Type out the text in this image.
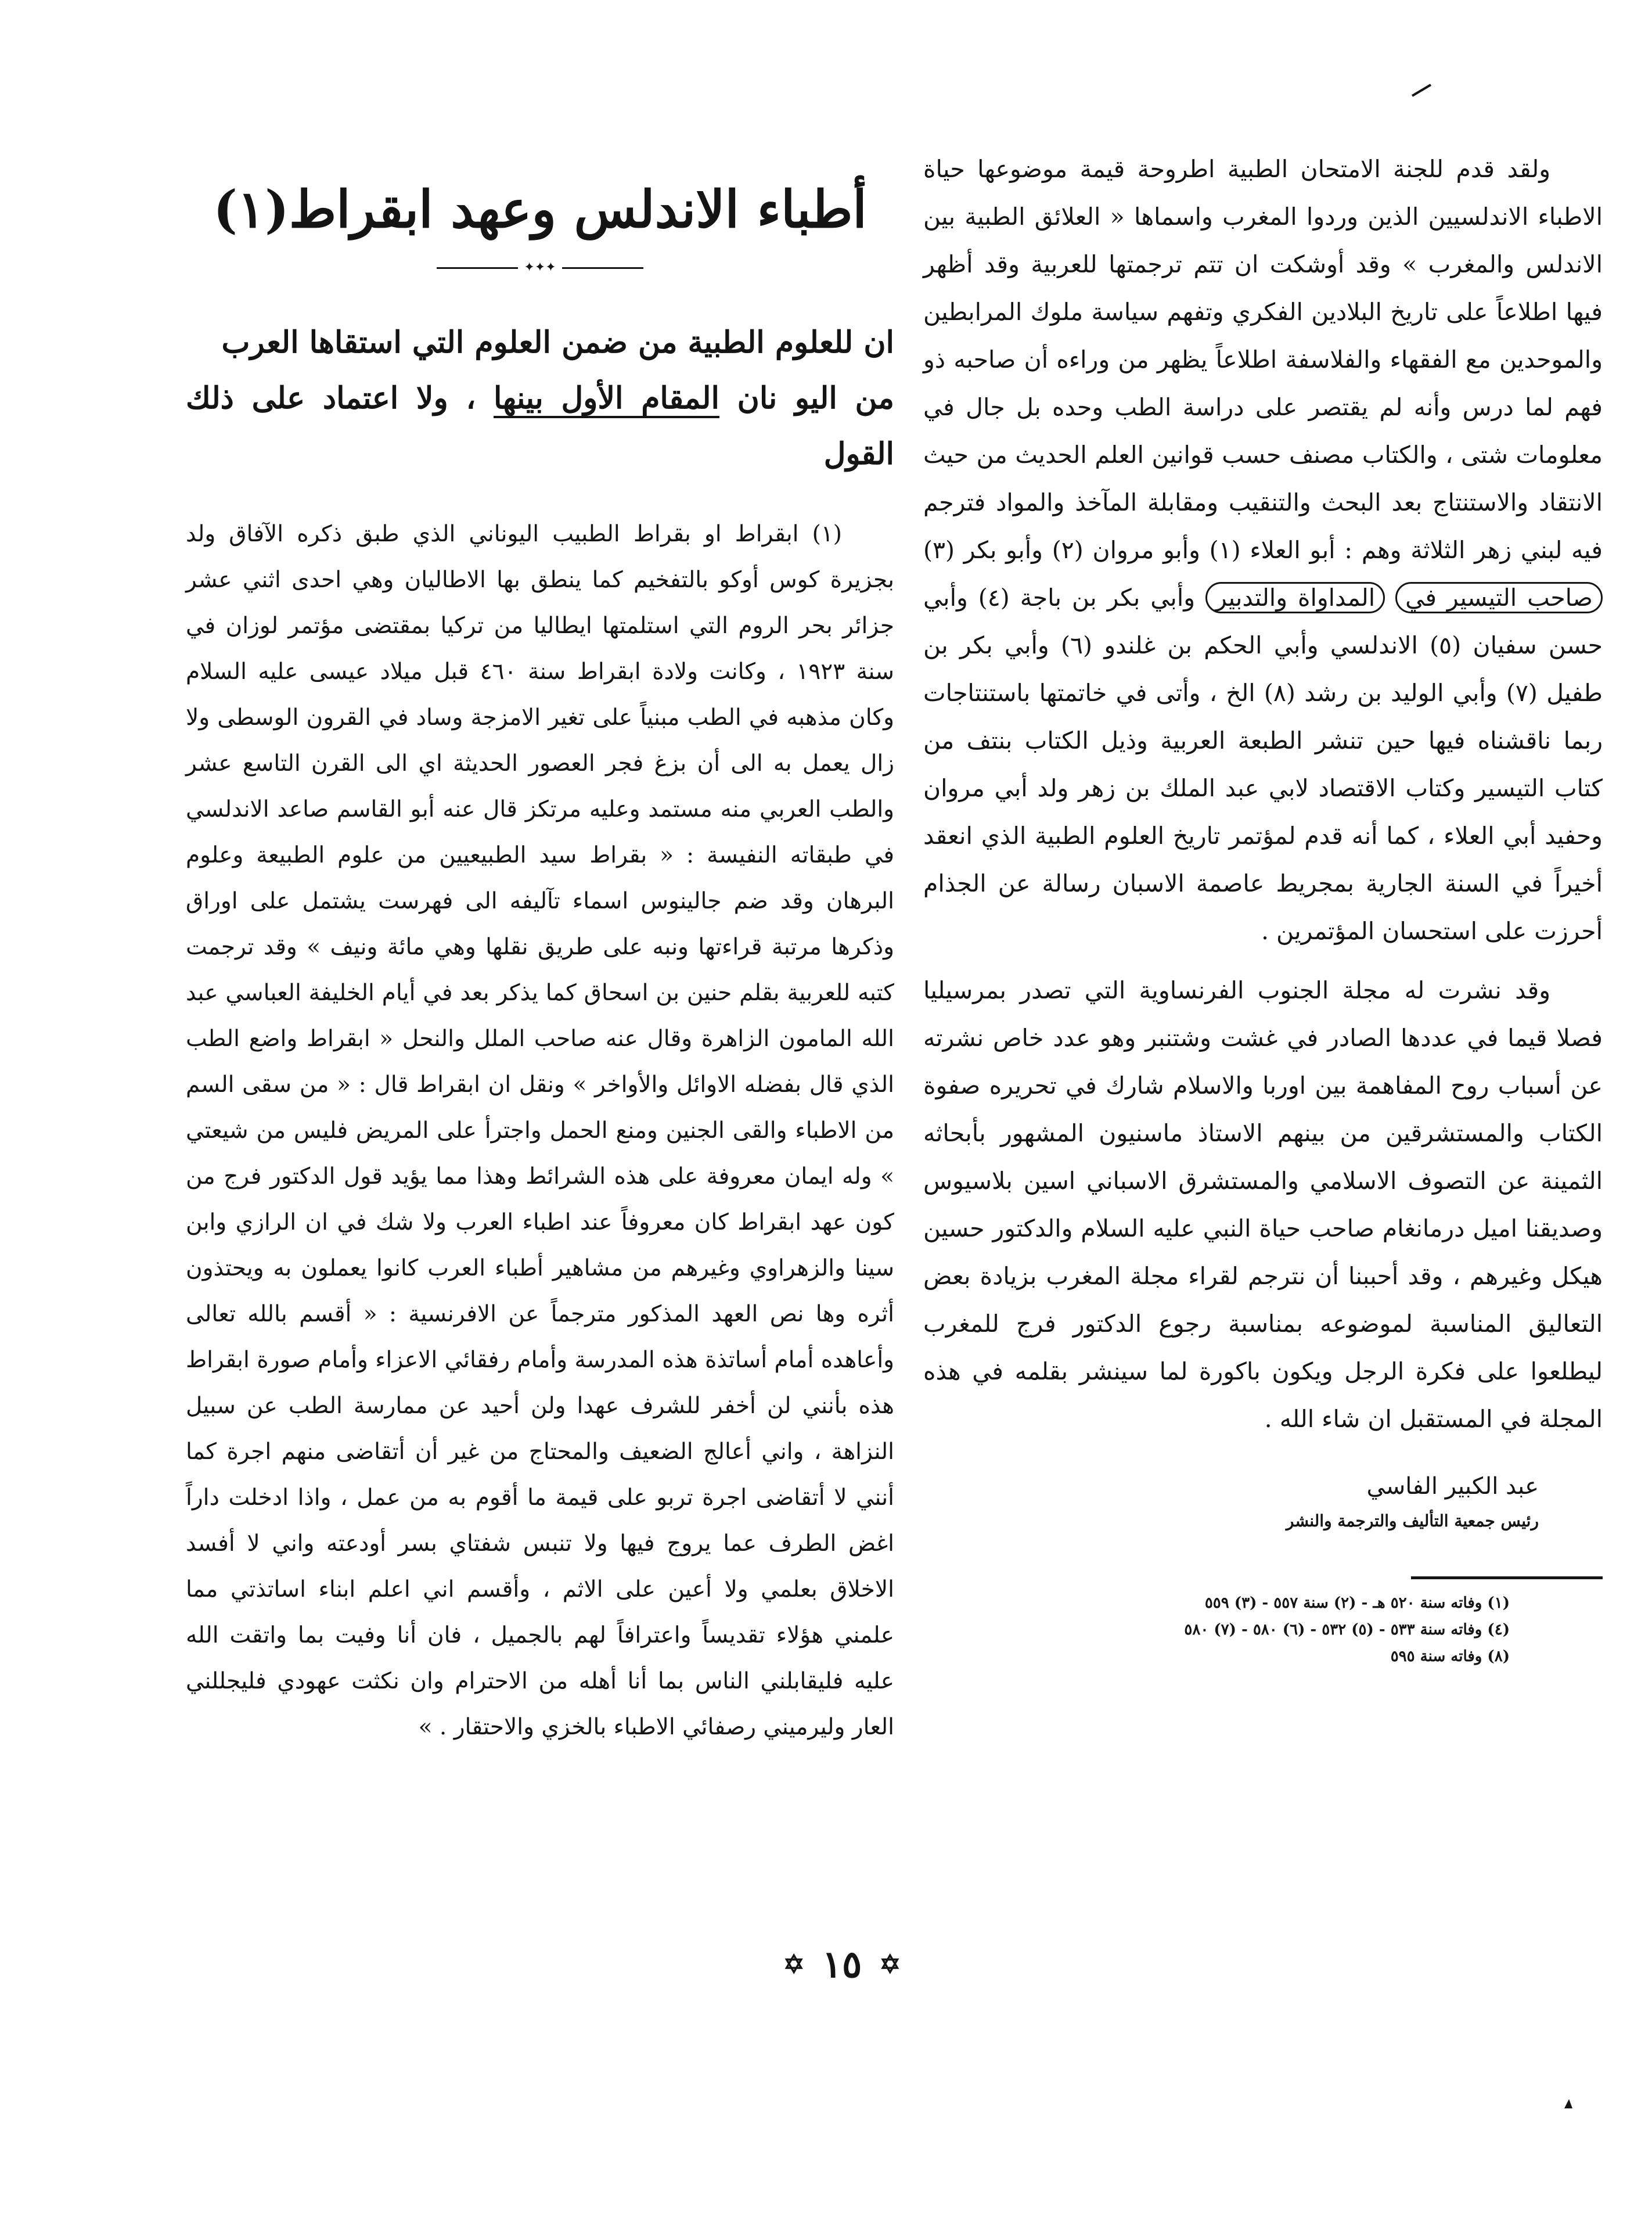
ولقد قدم للجنة الامتحان الطبية اطروحة قيمة موضوعها حياة الاطباء الاندلسيين الذين وردوا المغرب واسماها « العلائق الطبية بين الاندلس والمغرب » وقد أوشكت ان تتم ترجمتها للعربية وقد أظهر فيها اطلاعاً على تاريخ البلادين الفكري وتفهم سياسة ملوك المرابطين والموحدين مع الفقهاء والفلاسفة اطلاعاً يظهر من وراءه أن صاحبه ذو فهم لما درس وأنه لم يقتصر على دراسة الطب وحده بل جال في معلومات شتى ، والكتاب مصنف حسب قوانين العلم الحديث من حيث الانتقاد والاستنتاج بعد البحث والتنقيب ومقابلة المآخذ والمواد فترجم فيه لبني زهر الثلاثة وهم : أبو العلاء (١) وأبو مروان (٢) وأبو بكر (٣) صاحب التيسير في المداواة والتدبير وأبي بكر بن باجة (٤) وأبي حسن سفيان (٥) الاندلسي وأبي الحكم بن غلندو (٦) وأبي بكر بن طفيل (٧) وأبي الوليد بن رشد (٨) الخ ، وأتى في خاتمتها باستنتاجات ربما ناقشناه فيها حين تنشر الطبعة العربية وذيل الكتاب بنتف من كتاب التيسير وكتاب الاقتصاد لابي عبد الملك بن زهر ولد أبي مروان وحفيد أبي العلاء ، كما أنه قدم لمؤتمر تاريخ العلوم الطبية الذي انعقد أخيراً في السنة الجارية بمجريط عاصمة الاسبان رسالة عن الجذام أحرزت على استحسان المؤتمرين .

وقد نشرت له مجلة الجنوب الفرنساوية التي تصدر بمرسيليا فصلا قيما في عددها الصادر في غشت وشتنبر وهو عدد خاص نشرته عن أسباب روح المفاهمة بين اوربا والاسلام شارك في تحريره صفوة الكتاب والمستشرقين من بينهم الاستاذ ماسنيون المشهور بأبحاثه الثمينة عن التصوف الاسلامي والمستشرق الاسباني اسين بلاسيوس وصديقنا اميل درمانغام صاحب حياة النبي عليه السلام والدكتور حسين هيكل وغيرهم ، وقد أحببنا أن نترجم لقراء مجلة المغرب بزيادة بعض التعاليق المناسبة لموضوعه بمناسبة رجوع الدكتور فرج للمغرب ليطلعوا على فكرة الرجل ويكون باكورة لما سينشر بقلمه في هذه المجلة في المستقبل ان شاء الله .

عبد الكبير الفاسي
رئيس جمعية التأليف والترجمة والنشر
(١) وفاته سنة ٥٢٠ هـ - (٢) سنة ٥٥٧ - (٣) ٥٥٩
(٤) وفاته سنة ٥٣٣ - (٥) ٥٣٢ - (٦) ٥٨٠ - (٧) ٥٨٠
(٨) وفاته سنة ٥٩٥
أطباء الاندلس وعهد ابقراط(١)
✦✦✦
ان للعلوم الطبية من ضمن العلوم التي استقاها العرب
من اليو نان المقام الأول بينها ، ولا اعتماد على ذلك القول

(١) ابقراط او بقراط الطبيب اليوناني الذي طبق ذكره الآفاق ولد بجزيرة كوس أوكو بالتفخيم كما ينطق بها الاطاليان وهي احدى اثني عشر جزائر بحر الروم التي استلمتها ايطاليا من تركيا بمقتضى مؤتمر لوزان في سنة ١٩٢٣ ، وكانت ولادة ابقراط سنة ٤٦٠ قبل ميلاد عيسى عليه السلام وكان مذهبه في الطب مبنياً على تغير الامزجة وساد في القرون الوسطى ولا زال يعمل به الى أن بزغ فجر العصور الحديثة اي الى القرن التاسع عشر والطب العربي منه مستمد وعليه مرتكز قال عنه أبو القاسم صاعد الاندلسي في طبقاته النفيسة : « بقراط سيد الطبيعيين من علوم الطبيعة وعلوم البرهان وقد ضم جالينوس اسماء تآليفه الى فهرست يشتمل على اوراق وذكرها مرتبة قراءتها ونبه على طريق نقلها وهي مائة ونيف » وقد ترجمت كتبه للعربية بقلم حنين بن اسحاق كما يذكر بعد في أيام الخليفة العباسي عبد الله المامون الزاهرة وقال عنه صاحب الملل والنحل « ابقراط واضع الطب الذي قال بفضله الاوائل والأواخر » ونقل ان ابقراط قال : « من سقى السم من الاطباء والقى الجنين ومنع الحمل واجترأ على المريض فليس من شيعتي » وله ايمان معروفة على هذه الشرائط وهذا مما يؤيد قول الدكتور فرج من كون عهد ابقراط كان معروفاً عند اطباء العرب ولا شك في ان الرازي وابن سينا والزهراوي وغيرهم من مشاهير أطباء العرب كانوا يعملون به ويحتذون أثره وها نص العهد المذكور مترجماً عن الافرنسية : « أقسم بالله تعالى وأعاهده أمام أساتذة هذه المدرسة وأمام رفقائي الاعزاء وأمام صورة ابقراط هذه بأنني لن أخفر للشرف عهدا ولن أحيد عن ممارسة الطب عن سبيل النزاهة ، واني أعالج الضعيف والمحتاج من غير أن أتقاضى منهم اجرة كما أنني لا أتقاضى اجرة تربو على قيمة ما أقوم به من عمل ، واذا ادخلت داراً اغض الطرف عما يروج فيها ولا تنبس شفتاي بسر أودعته واني لا أفسد الاخلاق بعلمي ولا أعين على الاثم ، وأقسم اني اعلم ابناء اساتذتي مما علمني هؤلاء تقديساً واعترافاً لهم بالجميل ، فان أنا وفيت بما واتقت الله عليه فليقابلني الناس بما أنا أهله من الاحترام وان نكثت عهودي فليجللني العار وليرميني رصفائي الاطباء بالخزي والاحتقار . »

✡
١٥
✡
